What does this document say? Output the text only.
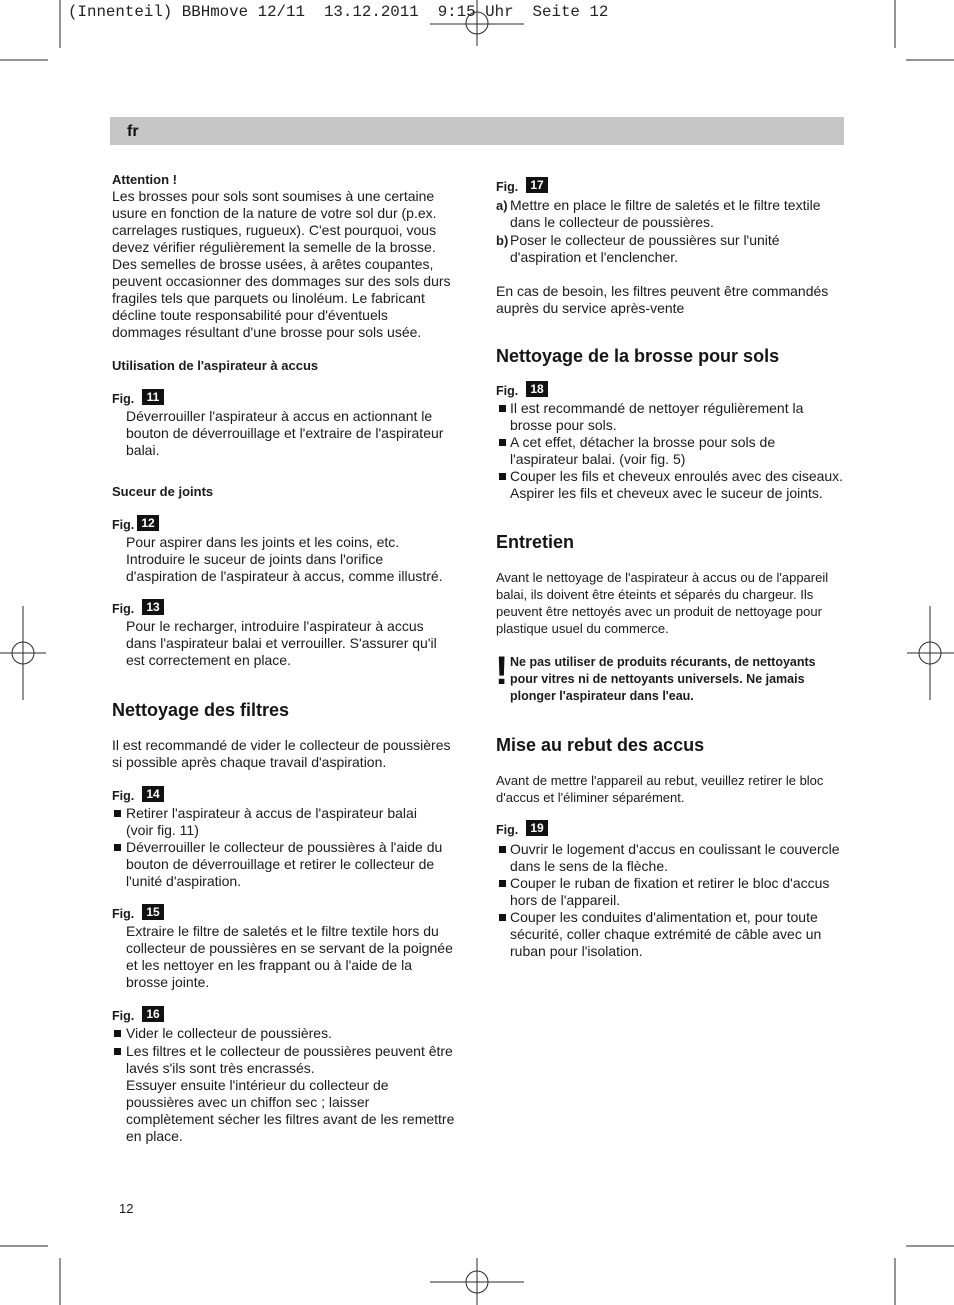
(Innenteil) BBHmove 12/11  13.12.2011  9:15 Uhr  Seite 12
fr
Attention !
Les brosses pour sols sont soumises à une certaine
usure en fonction de la nature de votre sol dur (p.ex.
carrelages rustiques, rugueux). C'est pourquoi, vous
devez vérifier régulièrement la semelle de la brosse.
Des semelles de brosse usées, à arêtes coupantes,
peuvent occasionner des dommages sur des sols durs
fragiles tels que parquets ou linoléum. Le fabricant
décline toute responsabilité pour d'éventuels
dommages résultant d'une brosse pour sols usée.
Utilisation de l'aspirateur à accus
Fig.	11
Déverrouiller l'aspirateur à accus en actionnant le
bouton de déverrouillage et l'extraire de l'aspirateur
balai.
Suceur de joints
Fig. 12
Pour aspirer dans les joints et les coins, etc.
Introduire le suceur de joints dans l'orifice
d'aspiration de l'aspirateur à accus, comme illustré.
Fig.	13
Pour le recharger, introduire l'aspirateur à accus
dans l'aspirateur balai et verrouiller. S'assurer qu'il
est correctement en place.
Nettoyage des filtres
Il est recommandé de vider le collecteur de poussières
si possible après chaque travail d'aspiration.
Fig.	14
Retirer l'aspirateur à accus de l'aspirateur balai
(voir fig. 11)
Déverrouiller le collecteur de poussières à l'aide du
bouton de déverrouillage et retirer le collecteur de
l'unité d'aspiration.
Fig.	15
Extraire le filtre de saletés et le filtre textile hors du
collecteur de poussières en se servant de la poignée
et les nettoyer en les frappant ou à l'aide de la
brosse jointe.
Fig.	16
Vider le collecteur de poussières.
Les filtres et le collecteur de poussières peuvent être
lavés s'ils sont très encrassés.
Essuyer ensuite l'intérieur du collecteur de
poussières avec un chiffon sec ; laisser
complètement sécher les filtres avant de les remettre
en place.
12
Fig.	17
a) Mettre en place le filtre de saletés et le filtre textile
dans le collecteur de poussières.
b) Poser le collecteur de poussières sur l'unité
d'aspiration et l'enclencher.
En cas de besoin, les filtres peuvent être commandés
auprès du service après-vente
Nettoyage de la brosse pour sols
Fig.	18
Il est recommandé de nettoyer régulièrement la
brosse pour sols.
A cet effet, détacher la brosse pour sols de
l'aspirateur balai. (voir fig. 5)
Couper les fils et cheveux enroulés avec des ciseaux.
Aspirer les fils et cheveux avec le suceur de joints.
Entretien
Avant le nettoyage de l'aspirateur à accus ou de l'appareil
balai, ils doivent être éteints et séparés du chargeur. Ils
peuvent être nettoyés avec un produit de nettoyage pour
plastique usuel du commerce.
! Ne pas utiliser de produits récurants, de nettoyants
pour vitres ni de nettoyants universels. Ne jamais
plonger l'aspirateur dans l'eau.
Mise au rebut des accus
Avant de mettre l'appareil au rebut, veuillez retirer le bloc
d'accus et l'éliminer séparément.
Fig.	19
Ouvrir le logement d'accus en coulissant le couvercle
dans le sens de la flèche.
Couper le ruban de fixation et retirer le bloc d'accus
hors de l'appareil.
Couper les conduites d'alimentation et, pour toute
sécurité, coller chaque extrémité de câble avec un
ruban pour l'isolation.
